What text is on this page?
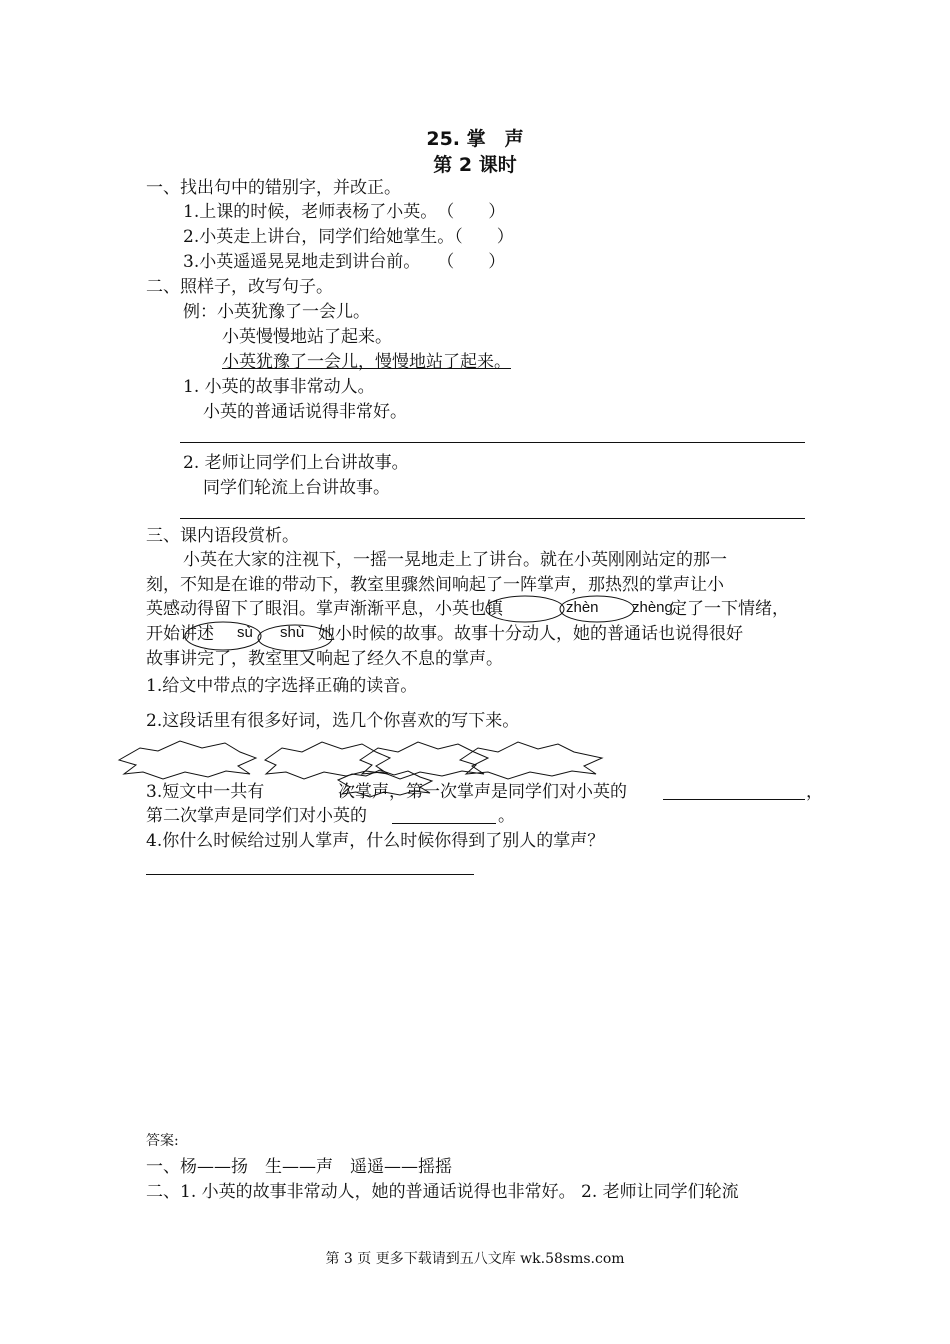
25. 掌　声
第 2 课时
一、找出句中的错别字，并改正。
1.上课的时候，老师表杨了小英。　（　　）
2.小英走上讲台，同学们给她掌生。（　　）
3.小英遥遥晃晃地走到讲台前。　　（　　）
二、照样子，改写句子。
例：小英犹豫了一会儿。
小英慢慢地站了起来。
小英犹豫了一会儿，慢慢地站了起来。
1. 小英的故事非常动人。
小英的普通话说得非常好。
2. 老师让同学们上台讲故事。
同学们轮流上台讲故事。
三、课内语段赏析。
小英在大家的注视下，一摇一晃地走上了讲台。就在小英刚刚站定的那一
刻，不知是在谁的带动下，教室里骤然间响起了一阵掌声，那热烈的掌声让小
英感动得留下了眼泪。掌声渐渐平息，小英也镇	zhèn zhèng
定了一下情绪，
开始讲述 sù shù 她小时候的故事。故事十分动人，她的普通话也说得很好
故事讲完了，教室里又响起了经久不息的掌声。
1.给文中带点的字选择正确的读音。
2.这段话里有很多好词，选几个你喜欢的写下来。
3.短文中一共有	次掌声，第一次掌声是同学们对小英的	，
第二次掌声是同学们对小英的	。
4.你什么时候给过别人掌声，什么时候你得到了别人的掌声？
答案:
一、杨——扬　生——声　遥遥——摇摇
二、1. 小英的故事非常动人，她的普通话说得也非常好。 2. 老师让同学们轮流
第 3 页 更多下载请到五八文库 wk.58sms.com
